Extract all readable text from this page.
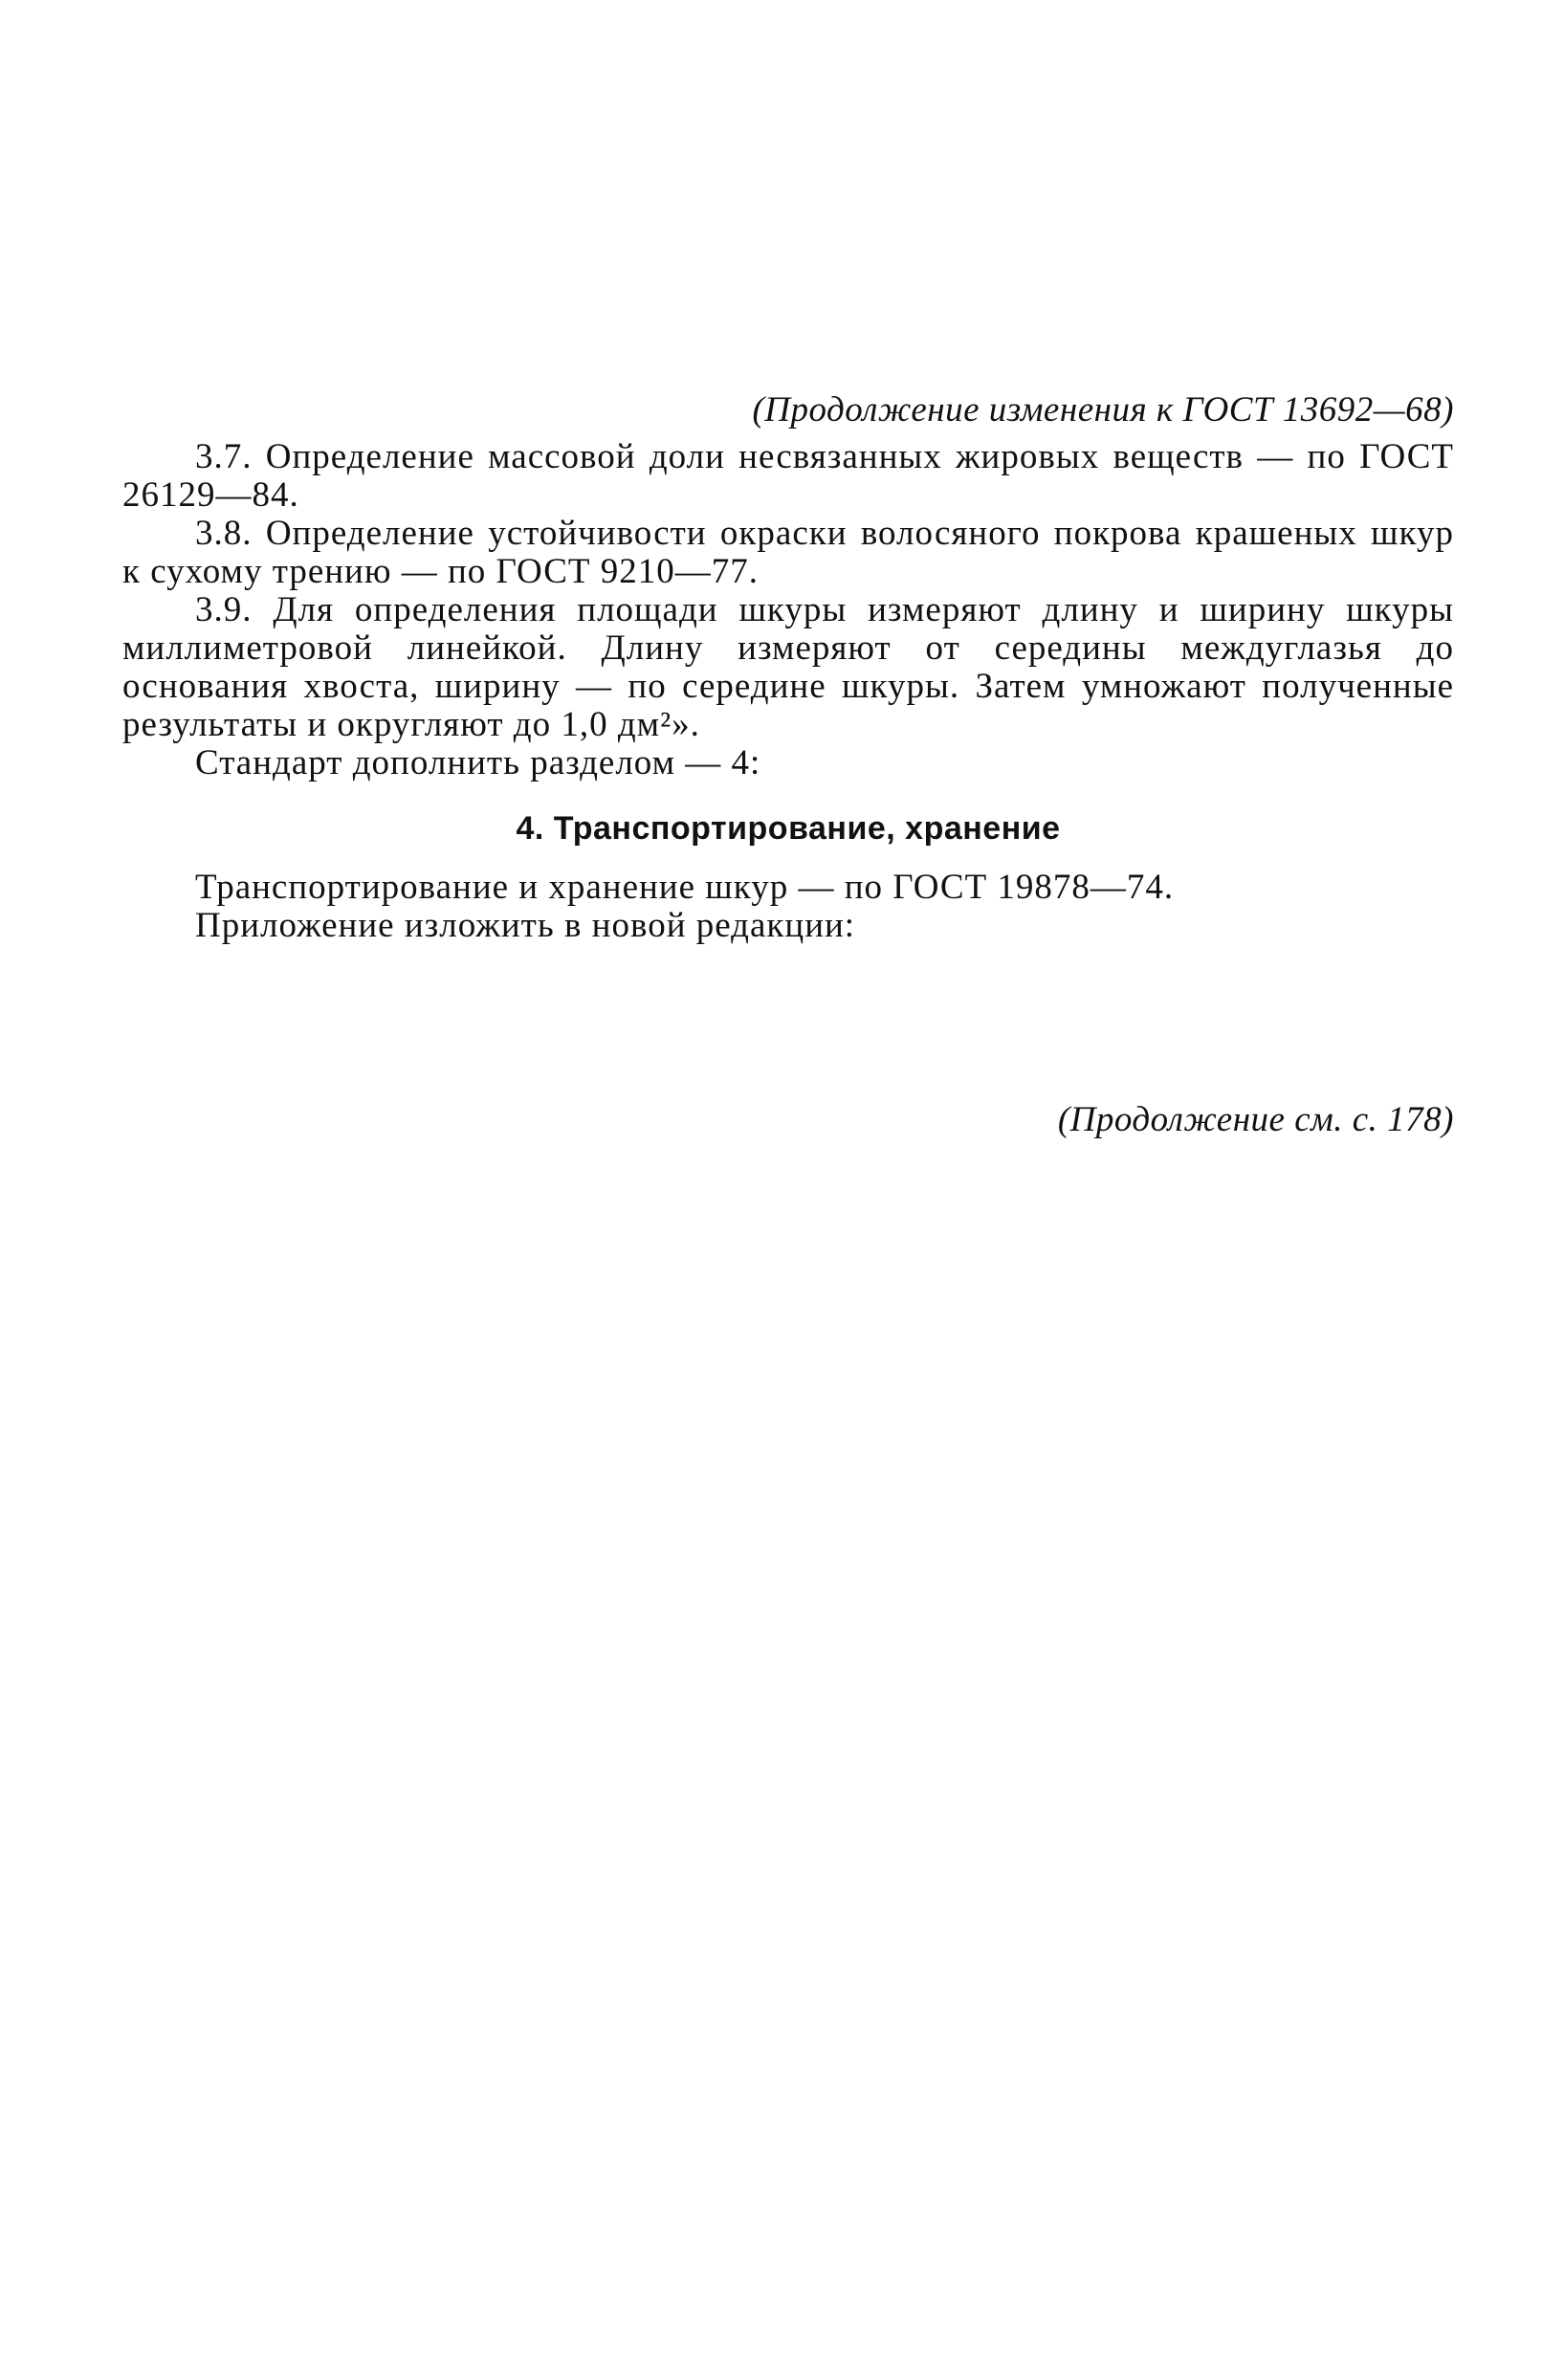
(Продолжение изменения к ГОСТ 13692—68)

3.7. Определение массовой доли несвязанных жировых веществ — по ГОСТ 26129—84.

3.8. Определение устойчивости окраски волосяного покрова крашеных шкур к сухому трению — по ГОСТ 9210—77.

3.9. Для определения площади шкуры измеряют длину и ширину шкуры миллиметровой линейкой. Длину измеряют от середины междуглазья до основания хвоста, ширину — по середине шкуры. Затем умножают полученные результаты и округляют до 1,0 дм²».

Стандарт дополнить разделом — 4:

4. Транспортирование, хранение

Транспортирование и хранение шкур — по ГОСТ 19878—74.

Приложение изложить в новой редакции:

(Продолжение см. с. 178)
